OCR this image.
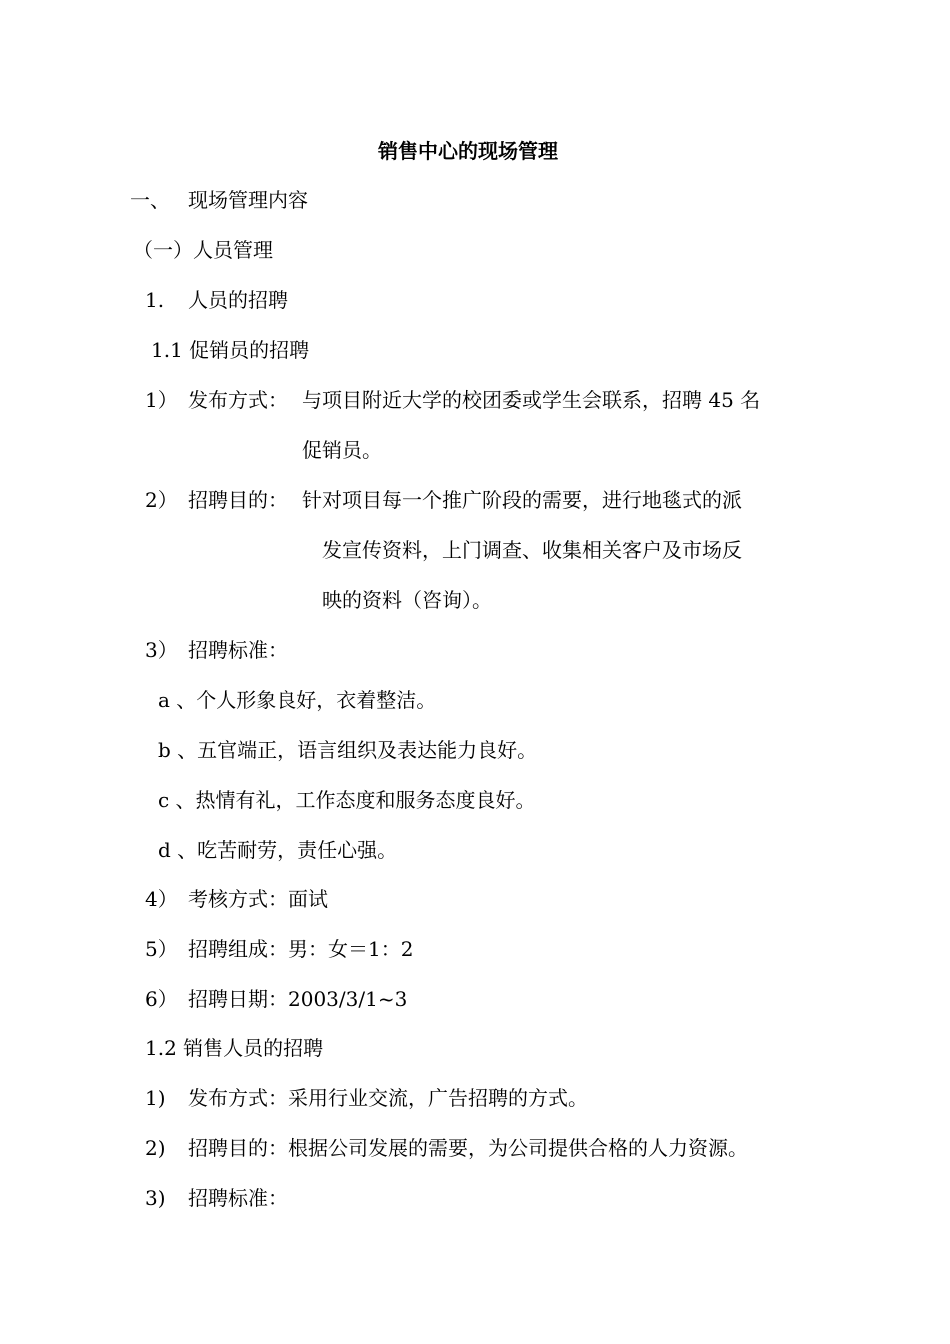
销售中心的现场管理
一、 现场管理内容
（一）人员管理
1. 人员的招聘
1.1 促销员的招聘
1） 发布方式： 与项目附近大学的校团委或学生会联系，招聘 45 名
促销员。
2） 招聘目的： 针对项目每一个推广阶段的需要，进行地毯式的派
发宣传资料，上门调查、收集相关客户及市场反
映的资料（咨询）。
3） 招聘标准：
a 、个人形象良好，衣着整洁。
b 、五官端正，语言组织及表达能力良好。
c 、热情有礼，工作态度和服务态度良好。
d 、吃苦耐劳，责任心强。
4） 考核方式：面试
5） 招聘组成：男：女＝1：2
6） 招聘日期：2003/3/1~3
1.2 销售人员的招聘
1) 发布方式：采用行业交流，广告招聘的方式。
2) 招聘目的：根据公司发展的需要，为公司提供合格的人力资源。
3) 招聘标准：
